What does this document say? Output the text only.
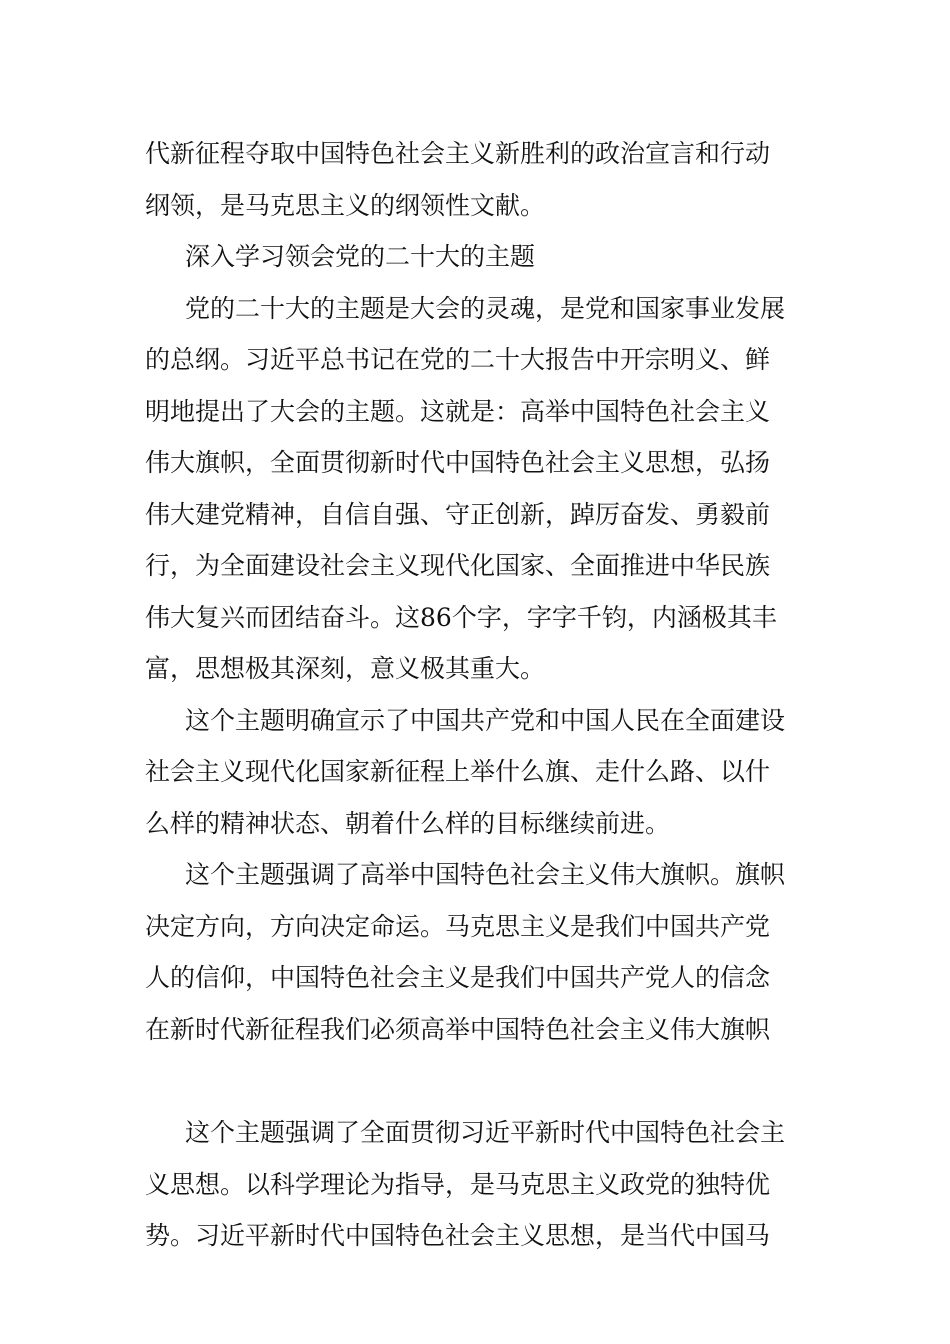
代新征程夺取中国特色社会主义新胜利的政治宣言和行动
纲领，是马克思主义的纲领性文献。
深入学习领会党的二十大的主题
党的二十大的主题是大会的灵魂，是党和国家事业发展
的总纲。习近平总书记在党的二十大报告中开宗明义、鲜
明地提出了大会的主题。这就是：高举中国特色社会主义
伟大旗帜，全面贯彻新时代中国特色社会主义思想，弘扬
伟大建党精神，自信自强、守正创新，踔厉奋发、勇毅前
行，为全面建设社会主义现代化国家、全面推进中华民族
伟大复兴而团结奋斗。这86个字，字字千钧，内涵极其丰
富，思想极其深刻，意义极其重大。
这个主题明确宣示了中国共产党和中国人民在全面建设
社会主义现代化国家新征程上举什么旗、走什么路、以什
么样的精神状态、朝着什么样的目标继续前进。
这个主题强调了高举中国特色社会主义伟大旗帜。旗帜
决定方向，方向决定命运。马克思主义是我们中国共产党
人的信仰，中国特色社会主义是我们中国共产党人的信念
在新时代新征程我们必须高举中国特色社会主义伟大旗帜
这个主题强调了全面贯彻习近平新时代中国特色社会主
义思想。以科学理论为指导，是马克思主义政党的独特优
势。习近平新时代中国特色社会主义思想，是当代中国马
